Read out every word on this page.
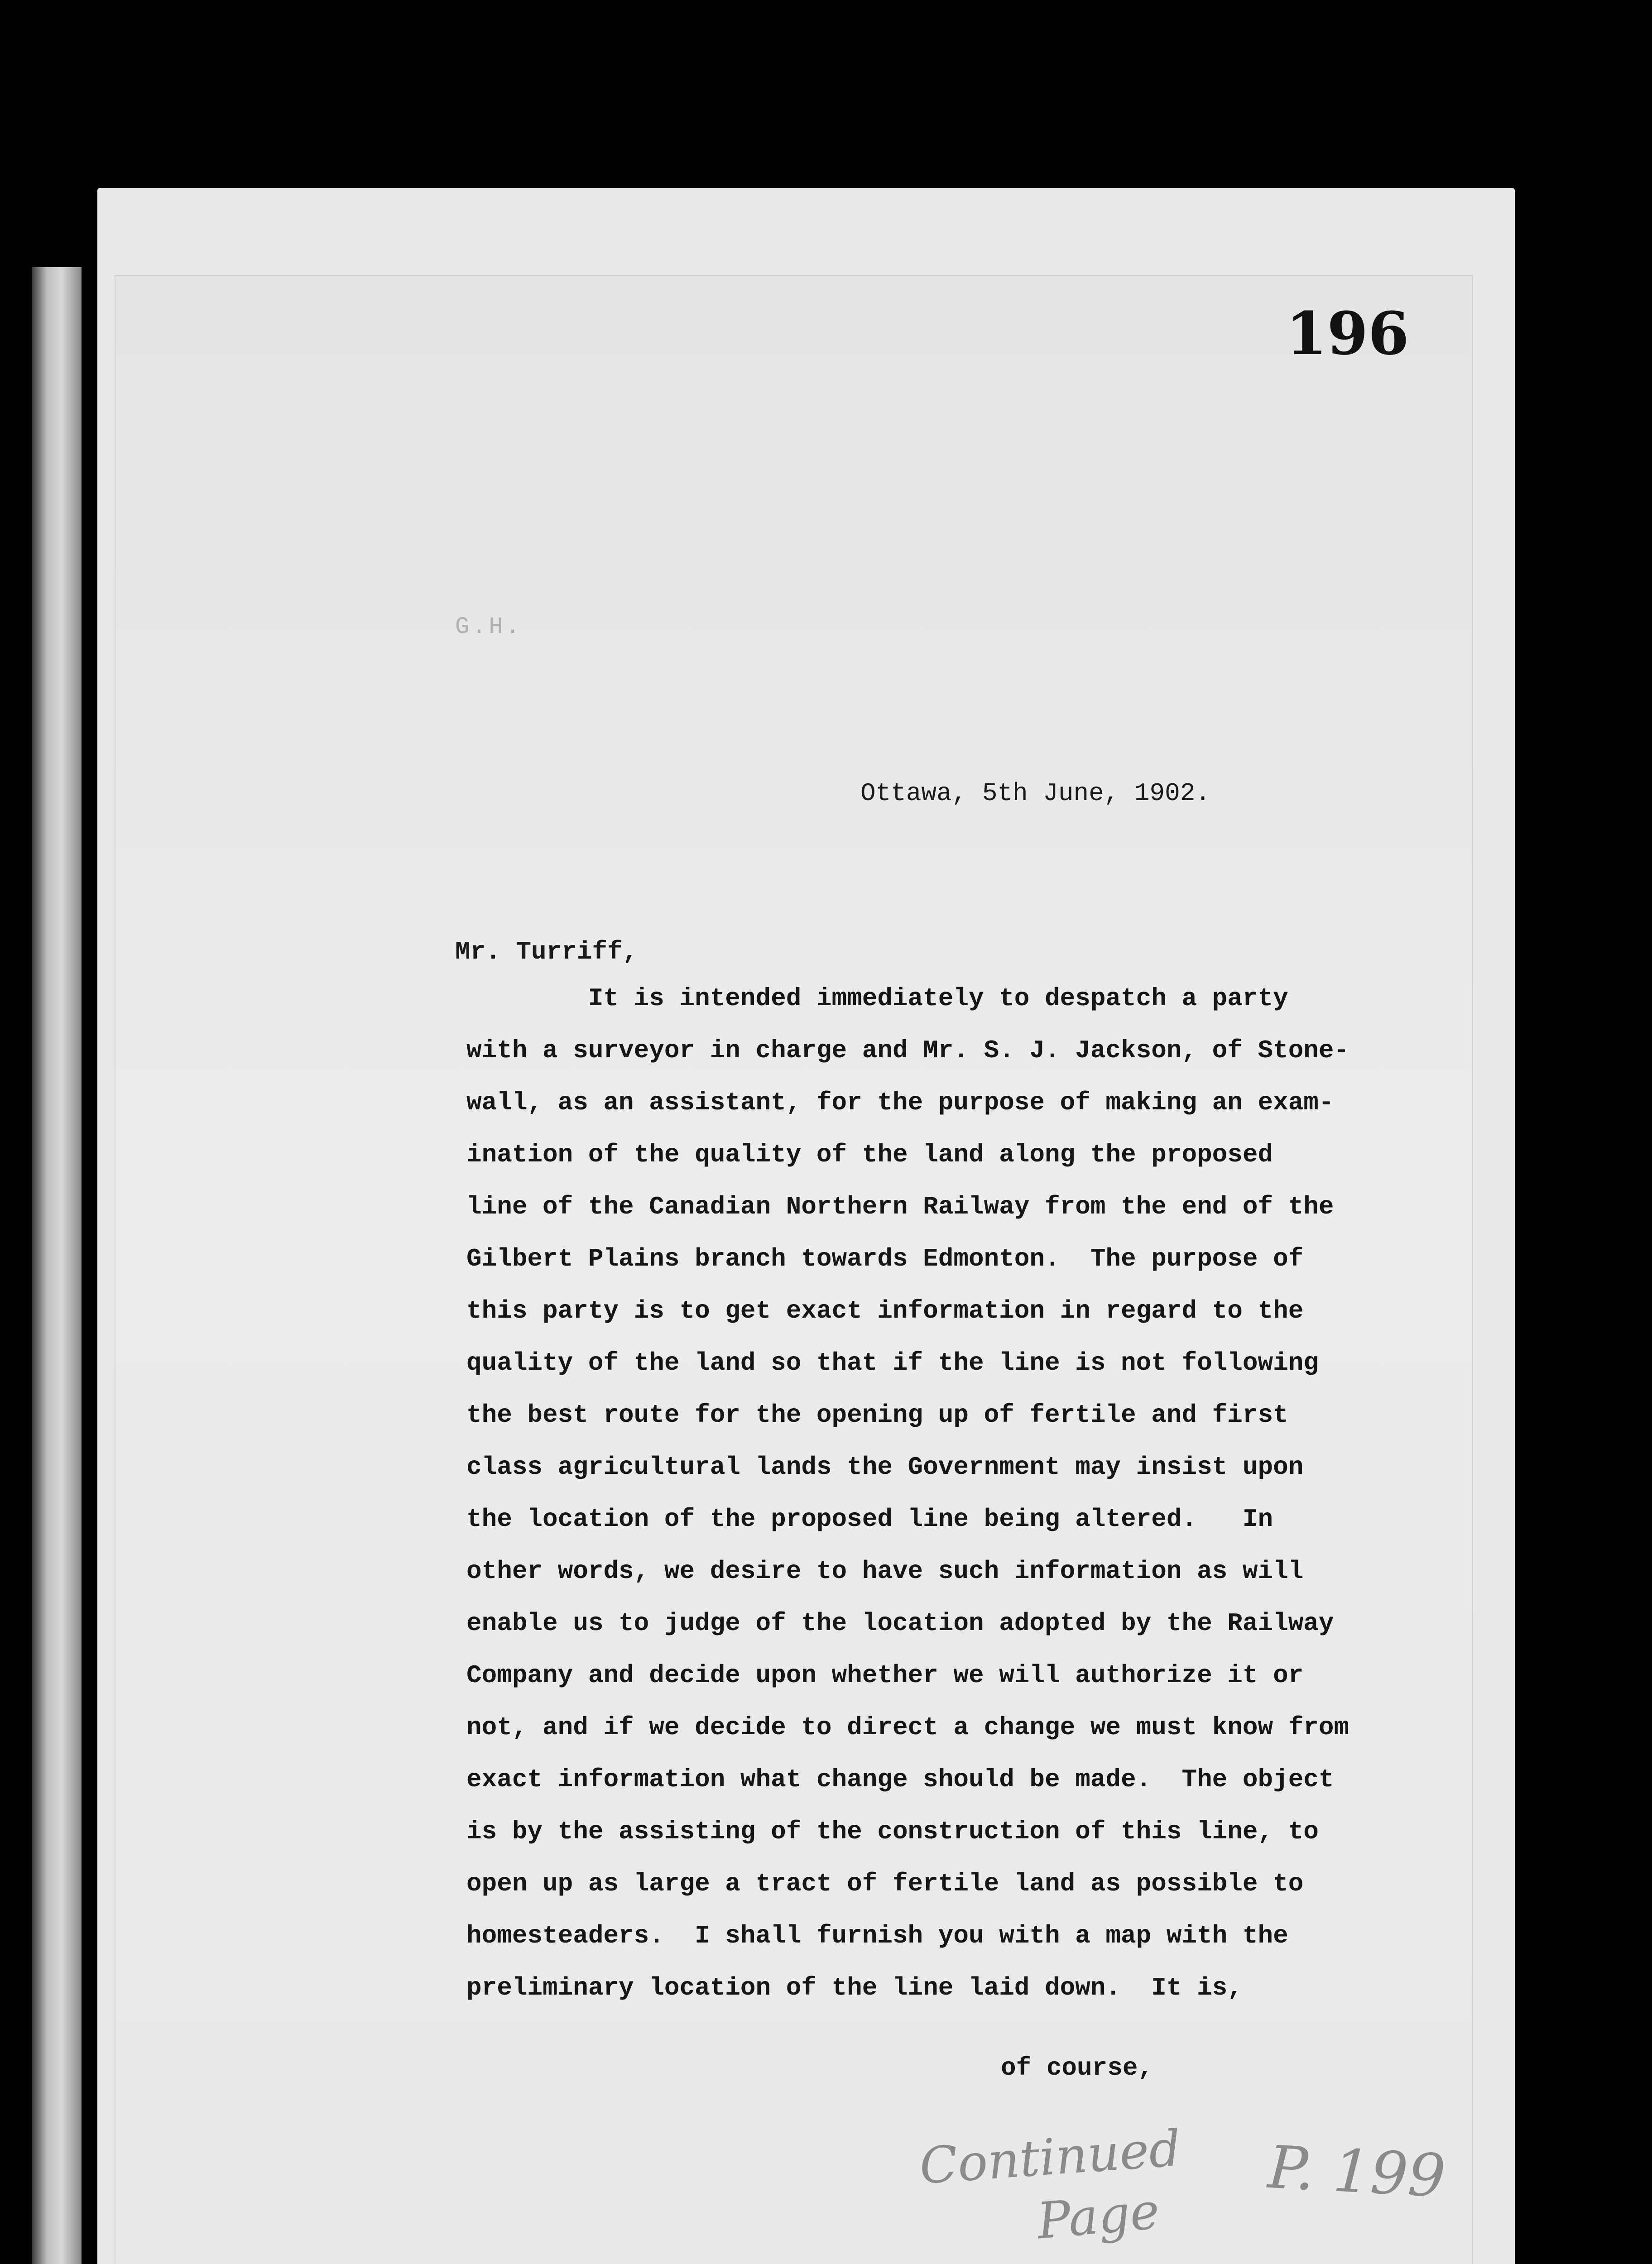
196
G.H.
Ottawa, 5th June, 1902.
Mr. Turriff,
It is intended immediately to despatch a party
with a surveyor in charge and Mr. S. J. Jackson, of Stone-
wall, as an assistant, for the purpose of making an exam-
ination of the quality of the land along the proposed
line of the Canadian Northern Railway from the end of the
Gilbert Plains branch towards Edmonton.  The purpose of
this party is to get exact information in regard to the
quality of the land so that if the line is not following
the best route for the opening up of fertile and first
class agricultural lands the Government may insist upon
the location of the proposed line being altered.   In
other words, we desire to have such information as will
enable us to judge of the location adopted by the Railway
Company and decide upon whether we will authorize it or
not, and if we decide to direct a change we must know from
exact information what change should be made.  The object
is by the assisting of the construction of this line, to
open up as large a tract of fertile land as possible to
homesteaders.  I shall furnish you with a map with the
preliminary location of the line laid down.  It is,
of course,
Continued
Page
P. 199
